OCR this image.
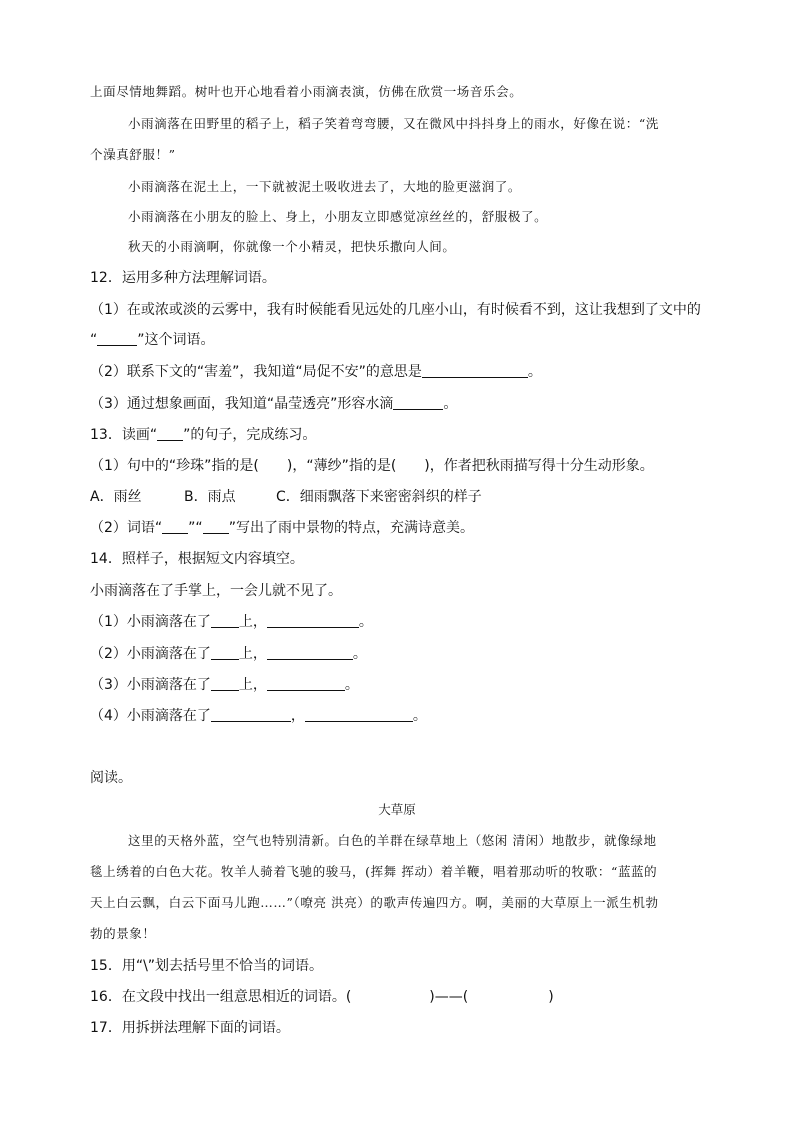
上面尽情地舞蹈。树叶也开心地看着小雨滴表演，仿佛在欣赏一场音乐会。
小雨滴落在田野里的稻子上，稻子笑着弯弯腰，又在微风中抖抖身上的雨水，好像在说：“洗
个澡真舒服！”
小雨滴落在泥土上，一下就被泥土吸收进去了，大地的脸更滋润了。
小雨滴落在小朋友的脸上、身上，小朋友立即感觉凉丝丝的，舒服极了。
秋天的小雨滴啊，你就像一个小精灵，把快乐撒向人间。
12．运用多种方法理解词语。
（1）在或浓或淡的云雾中，我有时候能看见远处的几座小山，有时候看不到，这让我想到了文中的
“	”这个词语。
（2）联系下文的“害羞”，我知道“局促不安”的意思是	。
（3）通过想象画面，我知道“晶莹透亮”形容水滴	。
13．读画“ ”的句子，完成练习。
（1）句中的“珍珠”指的是(　　)，“薄纱”指的是(　　)，作者把秋雨描写得十分生动形象。
A．雨丝	B．雨点	C．细雨飘落下来密密斜织的样子
（2）词语“ ”“ ”写出了雨中景物的特点，充满诗意美。
14．照样子，根据短文内容填空。
小雨滴落在了手掌上，一会儿就不见了。
（1）小雨滴落在了 上，	。
（2）小雨滴落在了 上，	。
（3）小雨滴落在了 上，	。
（4）小雨滴落在了	，	。
阅读。
大草原
这里的天格外蓝，空气也特别清新。白色的羊群在绿草地上（悠闲 清闲）地散步，就像绿地
毯上绣着的白色大花。牧羊人骑着飞驰的骏马，(挥舞 挥动）着羊鞭，唱着那动听的牧歌：“蓝蓝的
天上白云飘，白云下面马儿跑……”（嘹亮 洪亮）的歌声传遍四方。啊，美丽的大草原上一派生机勃
勃的景象！
15．用“\”划去括号里不恰当的词语。
16．在文段中找出一组意思相近的词语。(	)——(	)
17．用拆拼法理解下面的词语。
